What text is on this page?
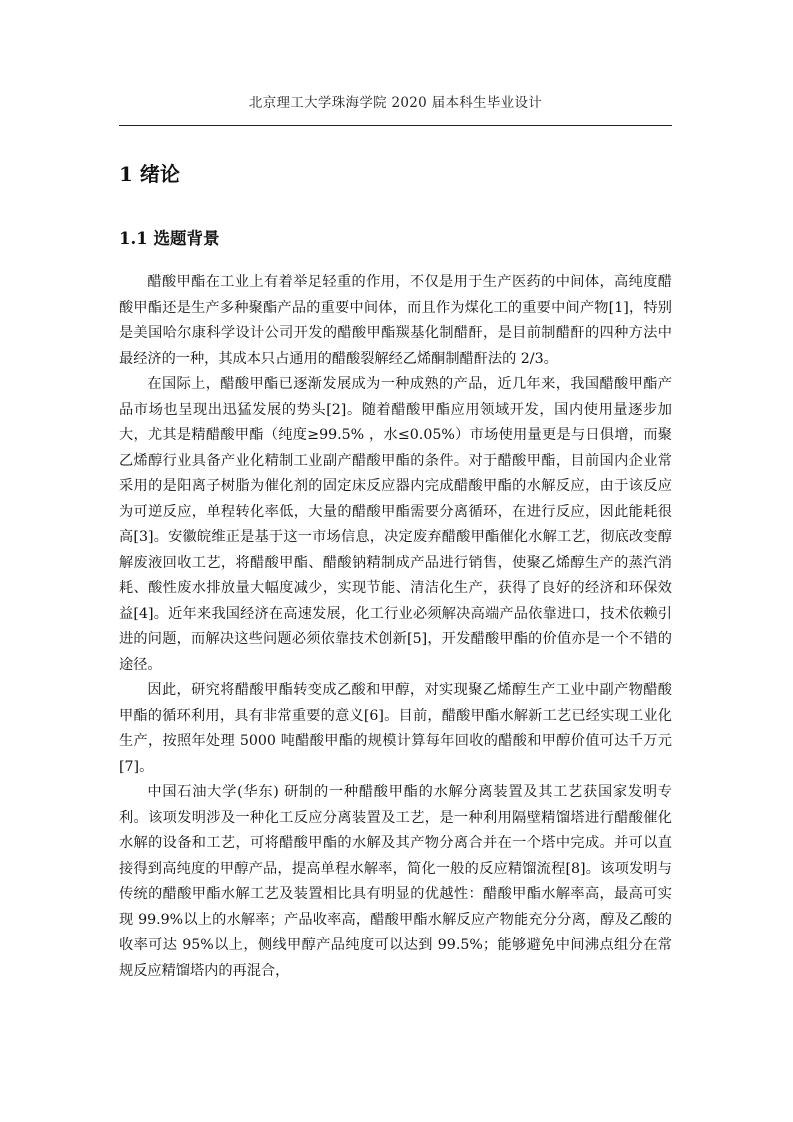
北京理工大学珠海学院 2020 届本科生毕业设计
1 绪论
1.1 选题背景

醋酸甲酯在工业上有着举足轻重的作用，不仅是用于生产医药的中间体，高纯度醋酸甲酯还是生产多种聚酯产品的重要中间体，而且作为煤化工的重要中间产物[1]，特别是美国哈尔康科学设计公司开发的醋酸甲酯羰基化制醋酐，是目前制醋酐的四种方法中最经济的一种，其成本只占通用的醋酸裂解经乙烯酮制醋酐法的 2/3。

在国际上，醋酸甲酯已逐渐发展成为一种成熟的产品，近几年来，我国醋酸甲酯产品市场也呈现出迅猛发展的势头[2]。随着醋酸甲酯应用领域开发，国内使用量逐步加大，尤其是精醋酸甲酯（纯度≥99.5% ，水≤0.05%）市场使用量更是与日俱增，而聚乙烯醇行业具备产业化精制工业副产醋酸甲酯的条件。对于醋酸甲酯，目前国内企业常采用的是阳离子树脂为催化剂的固定床反应器内完成醋酸甲酯的水解反应，由于该反应为可逆反应，单程转化率低，大量的醋酸甲酯需要分离循环，在进行反应，因此能耗很高[3]。安徽皖维正是基于这一市场信息，决定废弃醋酸甲酯催化水解工艺，彻底改变醇解废液回收工艺，将醋酸甲酯、醋酸钠精制成产品进行销售，使聚乙烯醇生产的蒸汽消耗、酸性废水排放量大幅度减少，实现节能、清洁化生产，获得了良好的经济和环保效益[4]。近年来我国经济在高速发展，化工行业必须解决高端产品依靠进口，技术依赖引进的问题，而解决这些问题必须依靠技术创新[5]，开发醋酸甲酯的价值亦是一个不错的途径。

因此，研究将醋酸甲酯转变成乙酸和甲醇，对实现聚乙烯醇生产工业中副产物醋酸甲酯的循环利用，具有非常重要的意义[6]。目前，醋酸甲酯水解新工艺已经实现工业化生产，按照年处理 5000 吨醋酸甲酯的规模计算每年回收的醋酸和甲醇价值可达千万元[7]。

中国石油大学(华东) 研制的一种醋酸甲酯的水解分离装置及其工艺获国家发明专利。该项发明涉及一种化工反应分离装置及工艺，是一种利用隔壁精馏塔进行醋酸催化水解的设备和工艺，可将醋酸甲酯的水解及其产物分离合并在一个塔中完成。并可以直接得到高纯度的甲醇产品，提高单程水解率，简化一般的反应精馏流程[8]。该项发明与传统的醋酸甲酯水解工艺及装置相比具有明显的优越性：醋酸甲酯水解率高，最高可实现 99.9%以上的水解率；产品收率高，醋酸甲酯水解反应产物能充分分离，醇及乙酸的收率可达 95%以上，侧线甲醇产品纯度可以达到 99.5%；能够避免中间沸点组分在常规反应精馏塔内的再混合，
